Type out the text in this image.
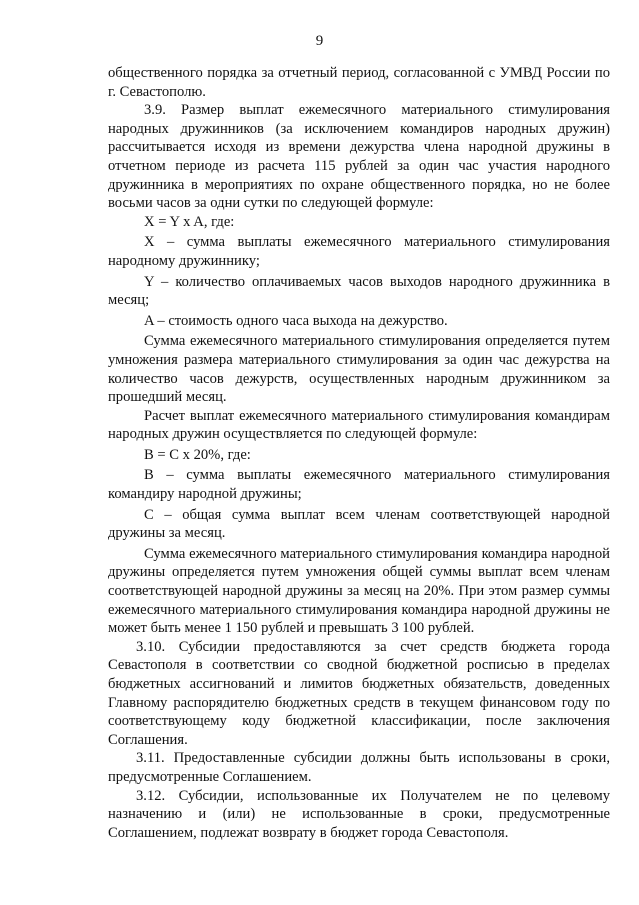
9

общественного порядка за отчетный период, согласованной с УМВД России по г. Севастополю.

3.9. Размер выплат ежемесячного материального стимулирования народных дружинников (за исключением командиров народных дружин) рассчитывается исходя из времени дежурства члена народной дружины в отчетном периоде из расчета 115 рублей за один час участия народного дружинника в мероприятиях по охране общественного порядка, но не более восьми часов за одни сутки по следующей формуле:

X = Y x A, где:

X – сумма выплаты ежемесячного материального стимулирования народному дружиннику;

Y – количество оплачиваемых часов выходов народного дружинника в месяц;

A – стоимость одного часа выхода на дежурство.

Сумма ежемесячного материального стимулирования определяется путем умножения размера материального стимулирования за один час дежурства на количество часов дежурств, осуществленных народным дружинником за прошедший месяц.

Расчет выплат ежемесячного материального стимулирования командирам народных дружин осуществляется по следующей формуле:

B = C x 20%, где:

B – сумма выплаты ежемесячного материального стимулирования командиру народной дружины;

C – общая сумма выплат всем членам соответствующей народной дружины за месяц.

Сумма ежемесячного материального стимулирования командира народной дружины определяется путем умножения общей суммы выплат всем членам соответствующей народной дружины за месяц на 20%. При этом размер суммы ежемесячного материального стимулирования командира народной дружины не может быть менее 1 150 рублей и превышать 3 100 рублей.

3.10. Субсидии предоставляются за счет средств бюджета города Севастополя в соответствии со сводной бюджетной росписью в пределах бюджетных ассигнований и лимитов бюджетных обязательств, доведенных Главному распорядителю бюджетных средств в текущем финансовом году по соответствующему коду бюджетной классификации, после заключения Соглашения.

3.11. Предоставленные субсидии должны быть использованы в сроки, предусмотренные Соглашением.

3.12. Субсидии, использованные их Получателем не по целевому назначению и (или) не использованные в сроки, предусмотренные Соглашением, подлежат возврату в бюджет города Севастополя.
